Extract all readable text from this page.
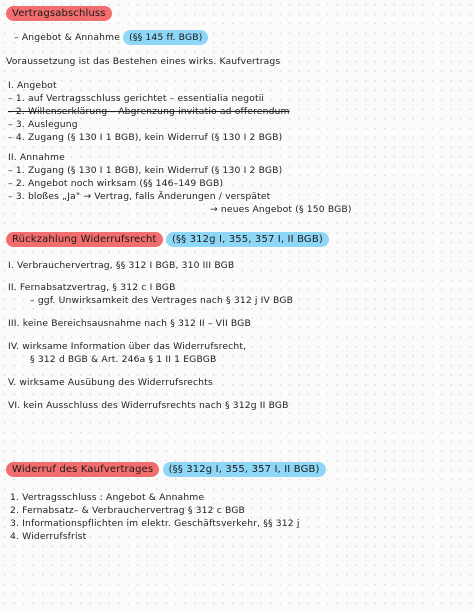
Vertragsabschluss
– Angebot & Annahme (§§ 145 ff. BGB)
Voraussetzung ist das Bestehen eines wirks. Kaufvertrags
I. Angebot
– 1. auf Vertragsschluss gerichtet – essentialia negotii
– 2. Willenserklärung – Abgrenzung invitatio ad offerendum
– 3. Auslegung
– 4. Zugang (§ 130 I 1 BGB), kein Widerruf (§ 130 I 2 BGB)
II. Annahme
– 1. Zugang (§ 130 I 1 BGB), kein Widerruf (§ 130 I 2 BGB)
– 2. Angebot noch wirksam (§§ 146–149 BGB)
– 3. bloßes „Ja" → Vertrag, falls Änderungen / verspätet
→ neues Angebot (§ 150 BGB)
Rückzahlung Widerrufsrecht (§§ 312g I, 355, 357 I, II BGB)
I. Verbrauchervertrag, §§ 312 I BGB, 310 III BGB
II. Fernabsatzvertrag, § 312 c I BGB
– ggf. Unwirksamkeit des Vertrages nach § 312 j IV BGB
III. keine Bereichsausnahme nach § 312 II – VII BGB
IV. wirksame Information über das Widerrufsrecht,
§ 312 d BGB & Art. 246a § 1 II 1 EGBGB
V. wirksame Ausübung des Widerrufsrechts
VI. kein Ausschluss des Widerrufsrechts nach § 312g II BGB
Widerruf des Kaufvertrages (§§ 312g I, 355, 357 I, II BGB)
1. Vertragsschluss : Angebot & Annahme
2. Fernabsatz– & Verbrauchervertrag § 312 c BGB
3. Informationspflichten im elektr. Geschäftsverkehr, §§ 312 j
4. Widerrufsfrist
